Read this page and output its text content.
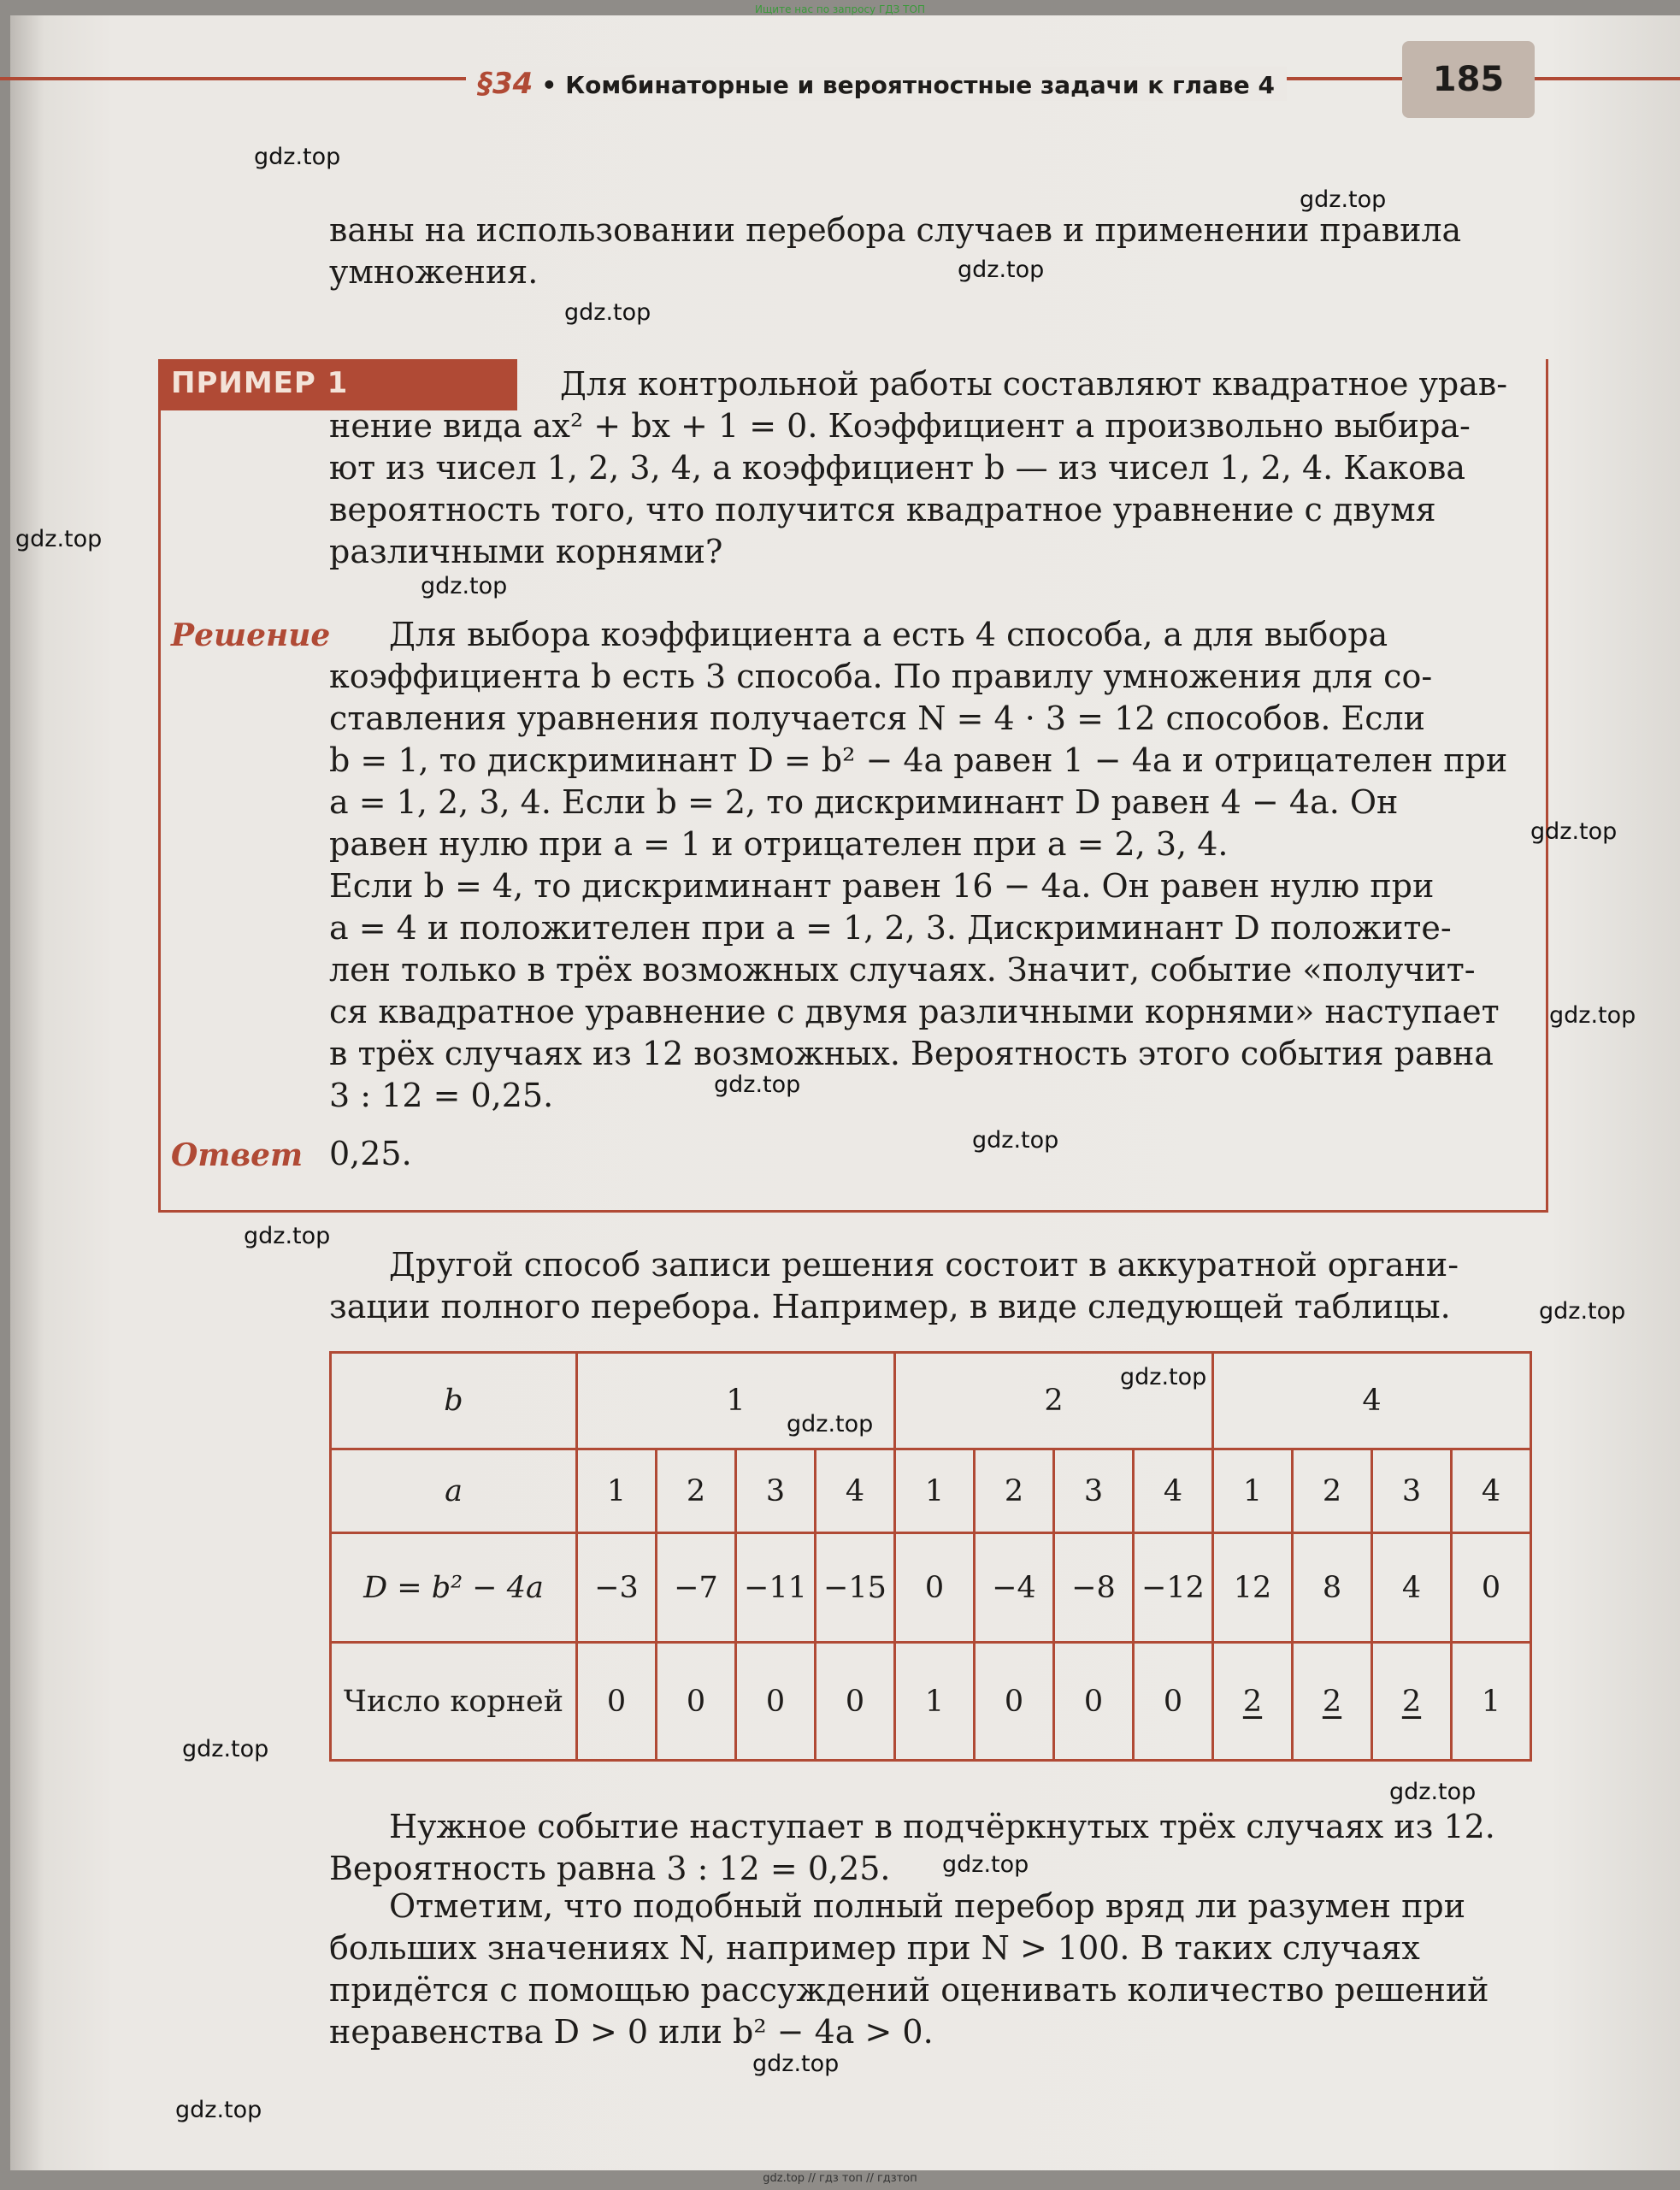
Ищите нас по запросу ГДЗ ТОП
§34 • Комбинаторные и вероятностные задачи к главе 4	185
ваны на использовании перебора случаев и применении правила
умножения.
ПРИМЕР 1	Для контрольной работы составляют квадратное урав-
нение вида ax² + bx + 1 = 0. Коэффициент a произвольно выбира-
ют из чисел 1, 2, 3, 4, а коэффициент b — из чисел 1, 2, 4. Какова
вероятность того, что получится квадратное уравнение с двумя
различными корнями?
Решение	Для выбора коэффициента a есть 4 способа, а для выбора
коэффициента b есть 3 способа. По правилу умножения для со-
ставления уравнения получается N = 4 · 3 = 12 способов. Если
b = 1, то дискриминант D = b² − 4a равен 1 − 4a и отрицателен при
a = 1, 2, 3, 4. Если b = 2, то дискриминант D равен 4 − 4a. Он
равен нулю при a = 1 и отрицателен при a = 2, 3, 4.
Если b = 4, то дискриминант равен 16 − 4a. Он равен нулю при
a = 4 и положителен при a = 1, 2, 3. Дискриминант D положите-
лен только в трёх возможных случаях. Значит, событие «получит-
ся квадратное уравнение с двумя различными корнями» наступает
в трёх случаях из 12 возможных. Вероятность этого события равна
3 : 12 = 0,25.
Ответ 0,25.
Другой способ записи решения состоит в аккуратной органи-
зации полного перебора. Например, в виде следующей таблицы.
b	1				2				4			
a	1	2	3	4	1	2	3	4	1	2	3	4
D = b² − 4a	−3	−7	−11	−15	0	−4	−8	−12	12	8	4	0
Число корней	0	0	0	0	1	0	0	0	2	2	2	1
Нужное событие наступает в подчёркнутых трёх случаях из 12.
Вероятность равна 3 : 12 = 0,25.
Отметим, что подобный полный перебор вряд ли разумен при
больших значениях N, например при N > 100. В таких случаях
придётся с помощью рассуждений оценивать количество решений
неравенства D > 0 или b² − 4a > 0.
gdz.top
gdz.top
gdz.top
gdz.top
gdz.top
gdz.top
gdz.top
gdz.top
gdz.top
gdz.top
gdz.top
gdz.top
gdz.top
gdz.top
gdz.top
gdz.top
gdz.top
gdz.top
gdz.top
gdz.top // гдз топ // гдзтоп
